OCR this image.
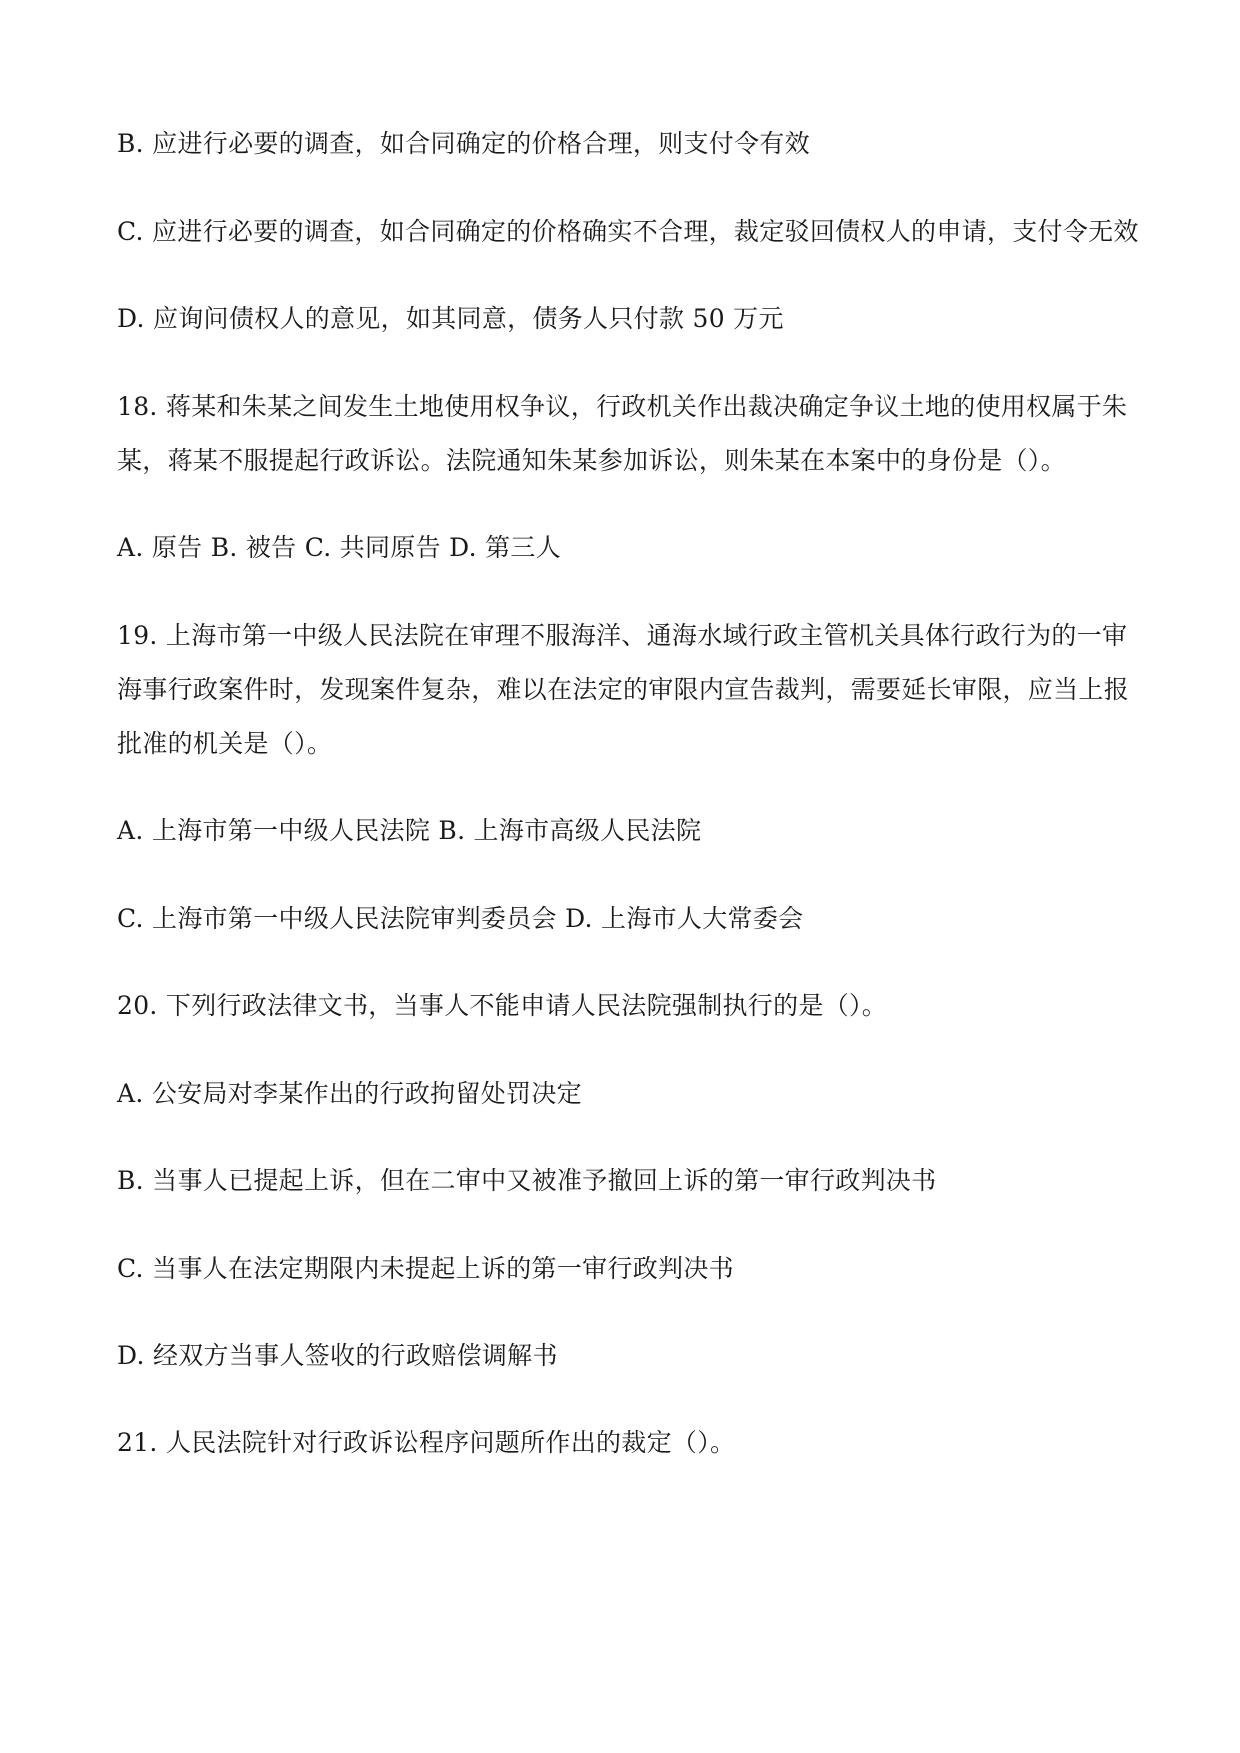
B. 应进行必要的调查，如合同确定的价格合理，则支付令有效
C. 应进行必要的调查，如合同确定的价格确实不合理，裁定驳回债权人的申请，支付令无效
D. 应询问债权人的意见，如其同意，债务人只付款 50 万元
18. 蒋某和朱某之间发生土地使用权争议，行政机关作出裁决确定争议土地的使用权属于朱
某，蒋某不服提起行政诉讼。法院通知朱某参加诉讼，则朱某在本案中的身份是（）。
A. 原告 B. 被告 C. 共同原告 D. 第三人
19. 上海市第一中级人民法院在审理不服海洋、通海水域行政主管机关具体行政行为的一审
海事行政案件时，发现案件复杂，难以在法定的审限内宣告裁判，需要延长审限，应当上报
批准的机关是（）。
A. 上海市第一中级人民法院 B. 上海市高级人民法院
C. 上海市第一中级人民法院审判委员会 D. 上海市人大常委会
20. 下列行政法律文书，当事人不能申请人民法院强制执行的是（）。
A. 公安局对李某作出的行政拘留处罚决定
B. 当事人已提起上诉，但在二审中又被准予撤回上诉的第一审行政判决书
C. 当事人在法定期限内未提起上诉的第一审行政判决书
D. 经双方当事人签收的行政赔偿调解书
21. 人民法院针对行政诉讼程序问题所作出的裁定（）。
